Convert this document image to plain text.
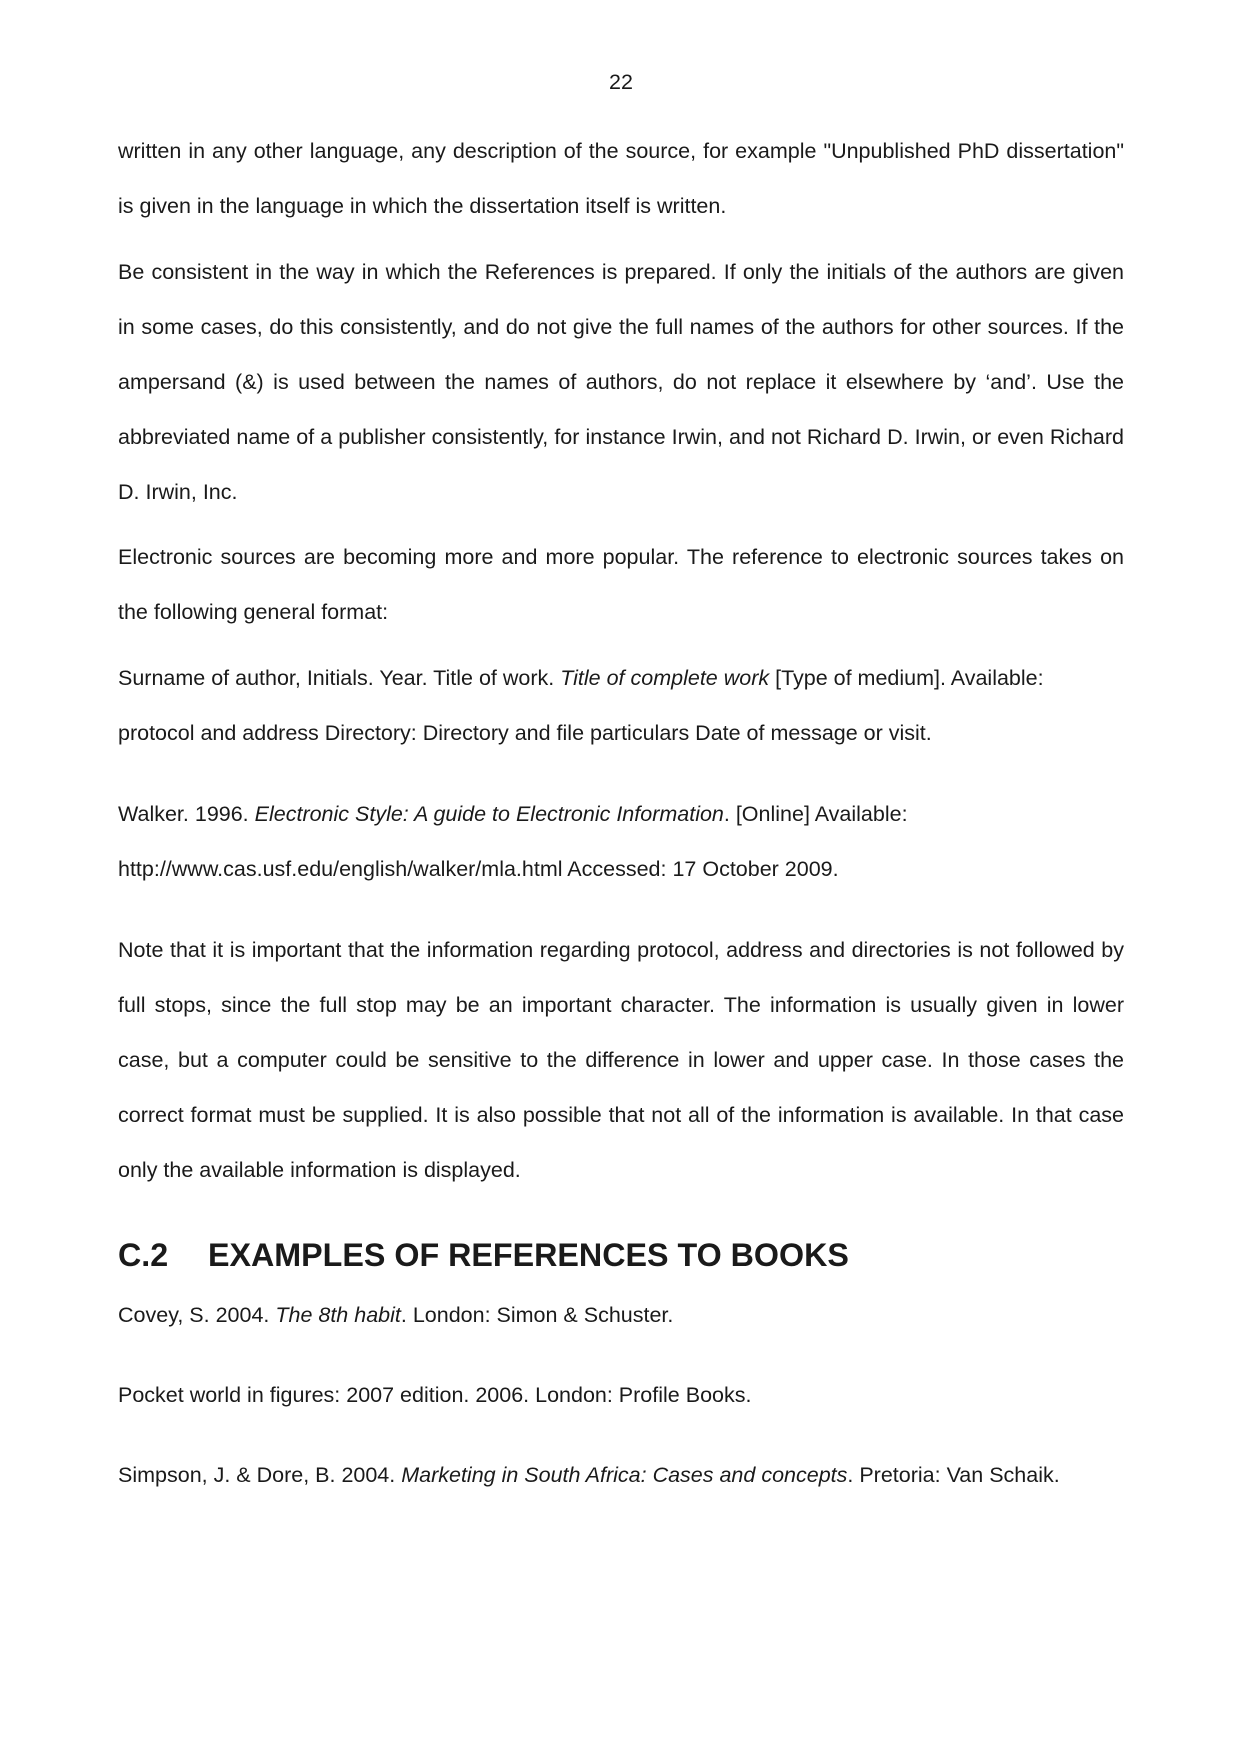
22

written in any other language, any description of the source, for example "Unpublished PhD dissertation" is given in the language in which the dissertation itself is written.

Be consistent in the way in which the References is prepared. If only the initials of the authors are given in some cases, do this consistently, and do not give the full names of the authors for other sources. If the ampersand (&) is used between the names of authors, do not replace it elsewhere by ‘and’. Use the abbreviated name of a publisher consistently, for instance Irwin, and not Richard D. Irwin, or even Richard D. Irwin, Inc.

Electronic sources are becoming more and more popular. The reference to electronic sources takes on the following general format:

Surname of author, Initials. Year. Title of work. Title of complete work [Type of medium]. Available: protocol and address Directory: Directory and file particulars Date of message or visit.

Walker. 1996. Electronic Style: A guide to Electronic Information. [Online] Available: http://www.cas.usf.edu/english/walker/mla.html Accessed: 17 October 2009.

Note that it is important that the information regarding protocol, address and directories is not followed by full stops, since the full stop may be an important character. The information is usually given in lower case, but a computer could be sensitive to the difference in lower and upper case. In those cases the correct format must be supplied. It is also possible that not all of the information is available. In that case only the available information is displayed.

C.2 EXAMPLES OF REFERENCES TO BOOKS

Covey, S. 2004. The 8th habit. London: Simon & Schuster.

Pocket world in figures: 2007 edition. 2006. London: Profile Books.

Simpson, J. & Dore, B. 2004. Marketing in South Africa: Cases and concepts. Pretoria: Van Schaik.
